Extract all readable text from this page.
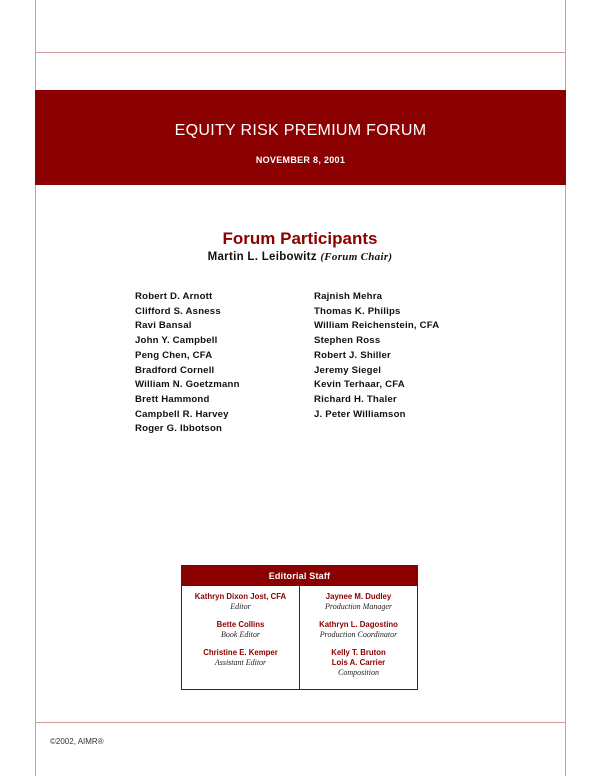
EQUITY RISK PREMIUM FORUM
NOVEMBER 8, 2001
Forum Participants
Martin L. Leibowitz (Forum Chair)
Robert D. Arnott
Clifford S. Asness
Ravi Bansal
John Y. Campbell
Peng Chen, CFA
Bradford Cornell
William N. Goetzmann
Brett Hammond
Campbell R. Harvey
Roger G. Ibbotson
Rajnish Mehra
Thomas K. Philips
William Reichenstein, CFA
Stephen Ross
Robert J. Shiller
Jeremy Siegel
Kevin Terhaar, CFA
Richard H. Thaler
J. Peter Williamson
Editorial Staff
Kathryn Dixon Jost, CFA
Editor
Bette Collins
Book Editor
Christine E. Kemper
Assistant Editor
Jaynee M. Dudley
Production Manager
Kathryn L. Dagostino
Production Coordinator
Kelly T. Bruton
Lois A. Carrier
Composition
©2002, AIMR®
